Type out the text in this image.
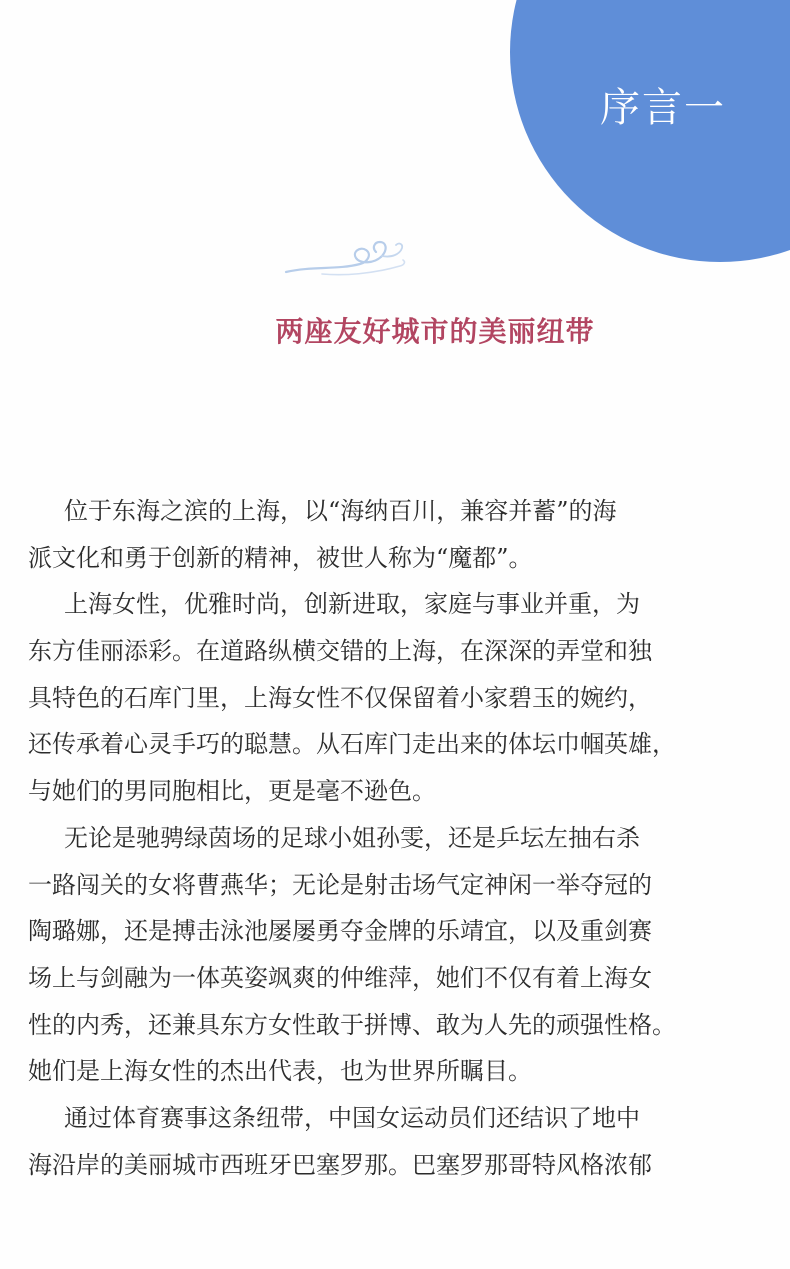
序言一
两座友好城市的美丽纽带
位于东海之滨的上海，以“海纳百川，兼容并蓄”的海
派文化和勇于创新的精神，被世人称为“魔都”。
上海女性，优雅时尚，创新进取，家庭与事业并重，为
东方佳丽添彩。在道路纵横交错的上海，在深深的弄堂和独
具特色的石库门里，上海女性不仅保留着小家碧玉的婉约，
还传承着心灵手巧的聪慧。从石库门走出来的体坛巾帼英雄，
与她们的男同胞相比，更是毫不逊色。
无论是驰骋绿茵场的足球小姐孙雯，还是乒坛左抽右杀
一路闯关的女将曹燕华；无论是射击场气定神闲一举夺冠的
陶璐娜，还是搏击泳池屡屡勇夺金牌的乐靖宜，以及重剑赛
场上与剑融为一体英姿飒爽的仲维萍，她们不仅有着上海女
性的内秀，还兼具东方女性敢于拼博、敢为人先的顽强性格。
她们是上海女性的杰出代表，也为世界所瞩目。
通过体育赛事这条纽带，中国女运动员们还结识了地中
海沿岸的美丽城市西班牙巴塞罗那。巴塞罗那哥特风格浓郁
